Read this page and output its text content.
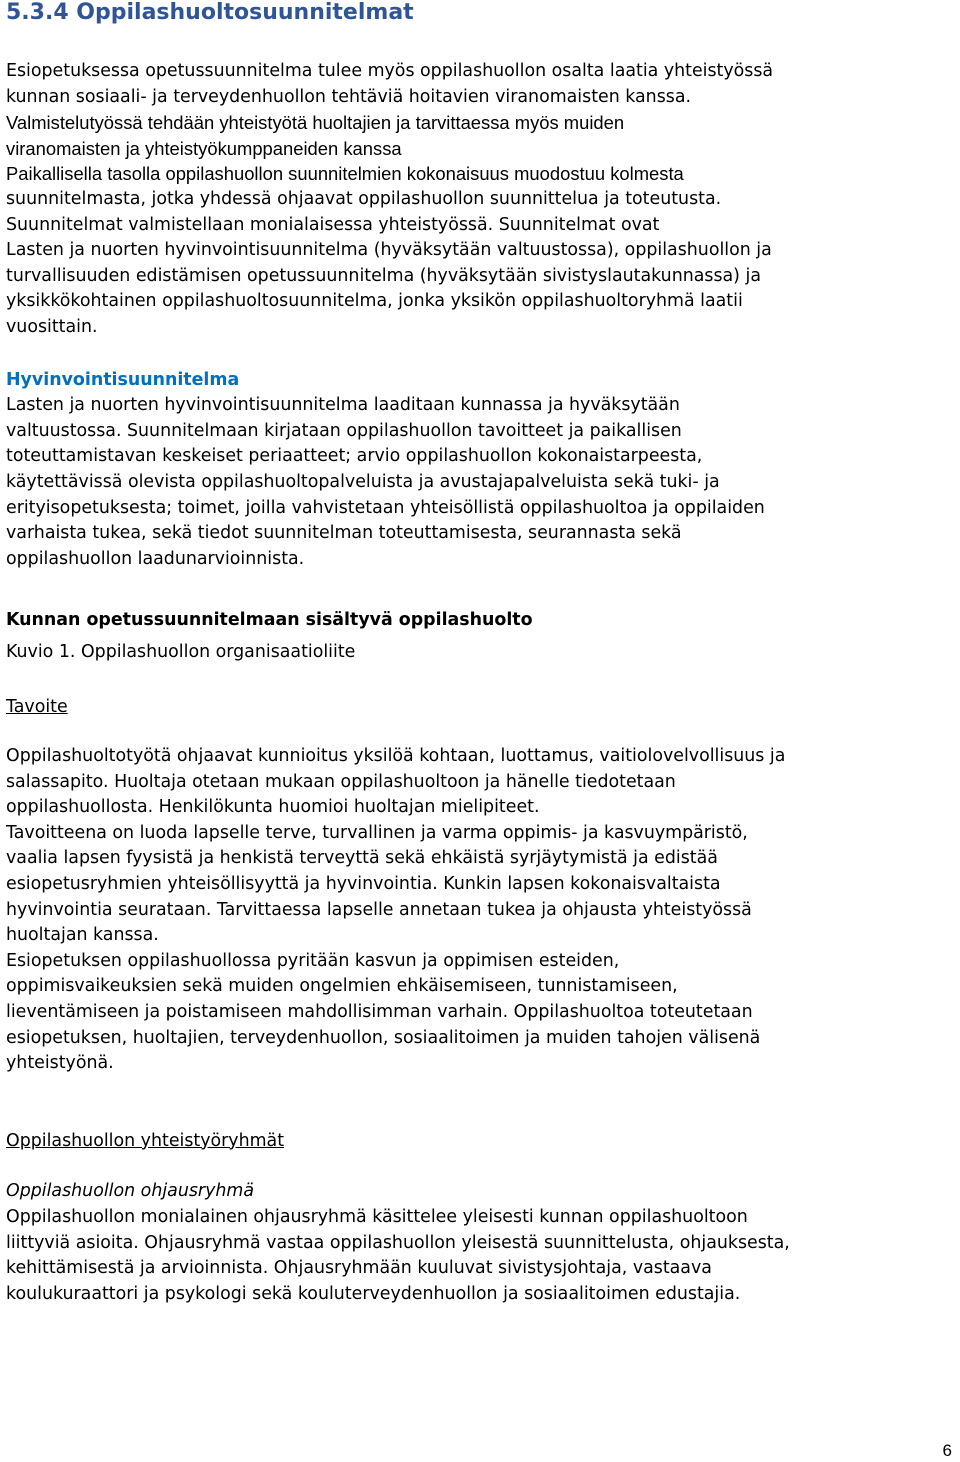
5.3.4 Oppilashuoltosuunnitelmat
Esiopetuksessa opetussuunnitelma tulee myös oppilashuollon osalta laatia yhteistyössä
kunnan sosiaali- ja terveydenhuollon tehtäviä hoitavien viranomaisten kanssa.
Valmistelutyössä tehdään yhteistyötä huoltajien ja tarvittaessa myös muiden
viranomaisten ja yhteistyökumppaneiden kanssa
Paikallisella tasolla oppilashuollon suunnitelmien kokonaisuus muodostuu kolmesta
suunnitelmasta, jotka yhdessä ohjaavat oppilashuollon suunnittelua ja toteutusta.
Suunnitelmat valmistellaan monialaisessa yhteistyössä. Suunnitelmat ovat
Lasten ja nuorten hyvinvointisuunnitelma (hyväksytään valtuustossa), oppilashuollon ja
turvallisuuden edistämisen opetussuunnitelma (hyväksytään sivistyslautakunnassa) ja
yksikkökohtainen oppilashuoltosuunnitelma, jonka yksikön oppilashuoltoryhmä laatii
vuosittain.
Hyvinvointisuunnitelma
Lasten ja nuorten hyvinvointisuunnitelma laaditaan kunnassa ja hyväksytään
valtuustossa. Suunnitelmaan kirjataan oppilashuollon tavoitteet ja paikallisen
toteuttamistavan keskeiset periaatteet; arvio oppilashuollon kokonaistarpeesta,
käytettävissä olevista oppilashuoltopalveluista ja avustajapalveluista sekä tuki- ja
erityisopetuksesta; toimet, joilla vahvistetaan yhteisöllistä oppilashuoltoa ja oppilaiden
varhaista tukea, sekä tiedot suunnitelman toteuttamisesta, seurannasta sekä
oppilashuollon laadunarvioinnista.
Kunnan opetussuunnitelmaan sisältyvä oppilashuolto
Kuvio 1. Oppilashuollon organisaatioliite
Tavoite
Oppilashuoltotyötä ohjaavat kunnioitus yksilöä kohtaan, luottamus, vaitiolovelvollisuus ja
salassapito. Huoltaja otetaan mukaan oppilashuoltoon ja hänelle tiedotetaan
oppilashuollosta. Henkilökunta huomioi huoltajan mielipiteet.
Tavoitteena on luoda lapselle terve, turvallinen ja varma oppimis- ja kasvuympäristö,
vaalia lapsen fyysistä ja henkistä terveyttä sekä ehkäistä syrjäytymistä ja edistää
esiopetusryhmien yhteisöllisyyttä ja hyvinvointia. Kunkin lapsen kokonaisvaltaista
hyvinvointia seurataan. Tarvittaessa lapselle annetaan tukea ja ohjausta yhteistyössä
huoltajan kanssa.
Esiopetuksen oppilashuollossa pyritään kasvun ja oppimisen esteiden,
oppimisvaikeuksien sekä muiden ongelmien ehkäisemiseen, tunnistamiseen,
lieventämiseen ja poistamiseen mahdollisimman varhain. Oppilashuoltoa toteutetaan
esiopetuksen, huoltajien, terveydenhuollon, sosiaalitoimen ja muiden tahojen välisenä
yhteistyönä.
Oppilashuollon yhteistyöryhmät
Oppilashuollon ohjausryhmä
Oppilashuollon monialainen ohjausryhmä käsittelee yleisesti kunnan oppilashuoltoon
liittyviä asioita. Ohjausryhmä vastaa oppilashuollon yleisestä suunnittelusta, ohjauksesta,
kehittämisestä ja arvioinnista. Ohjausryhmään kuuluvat sivistysjohtaja, vastaava
koulukuraattori ja psykologi sekä kouluterveydenhuollon ja sosiaalitoimen edustajia.
6
